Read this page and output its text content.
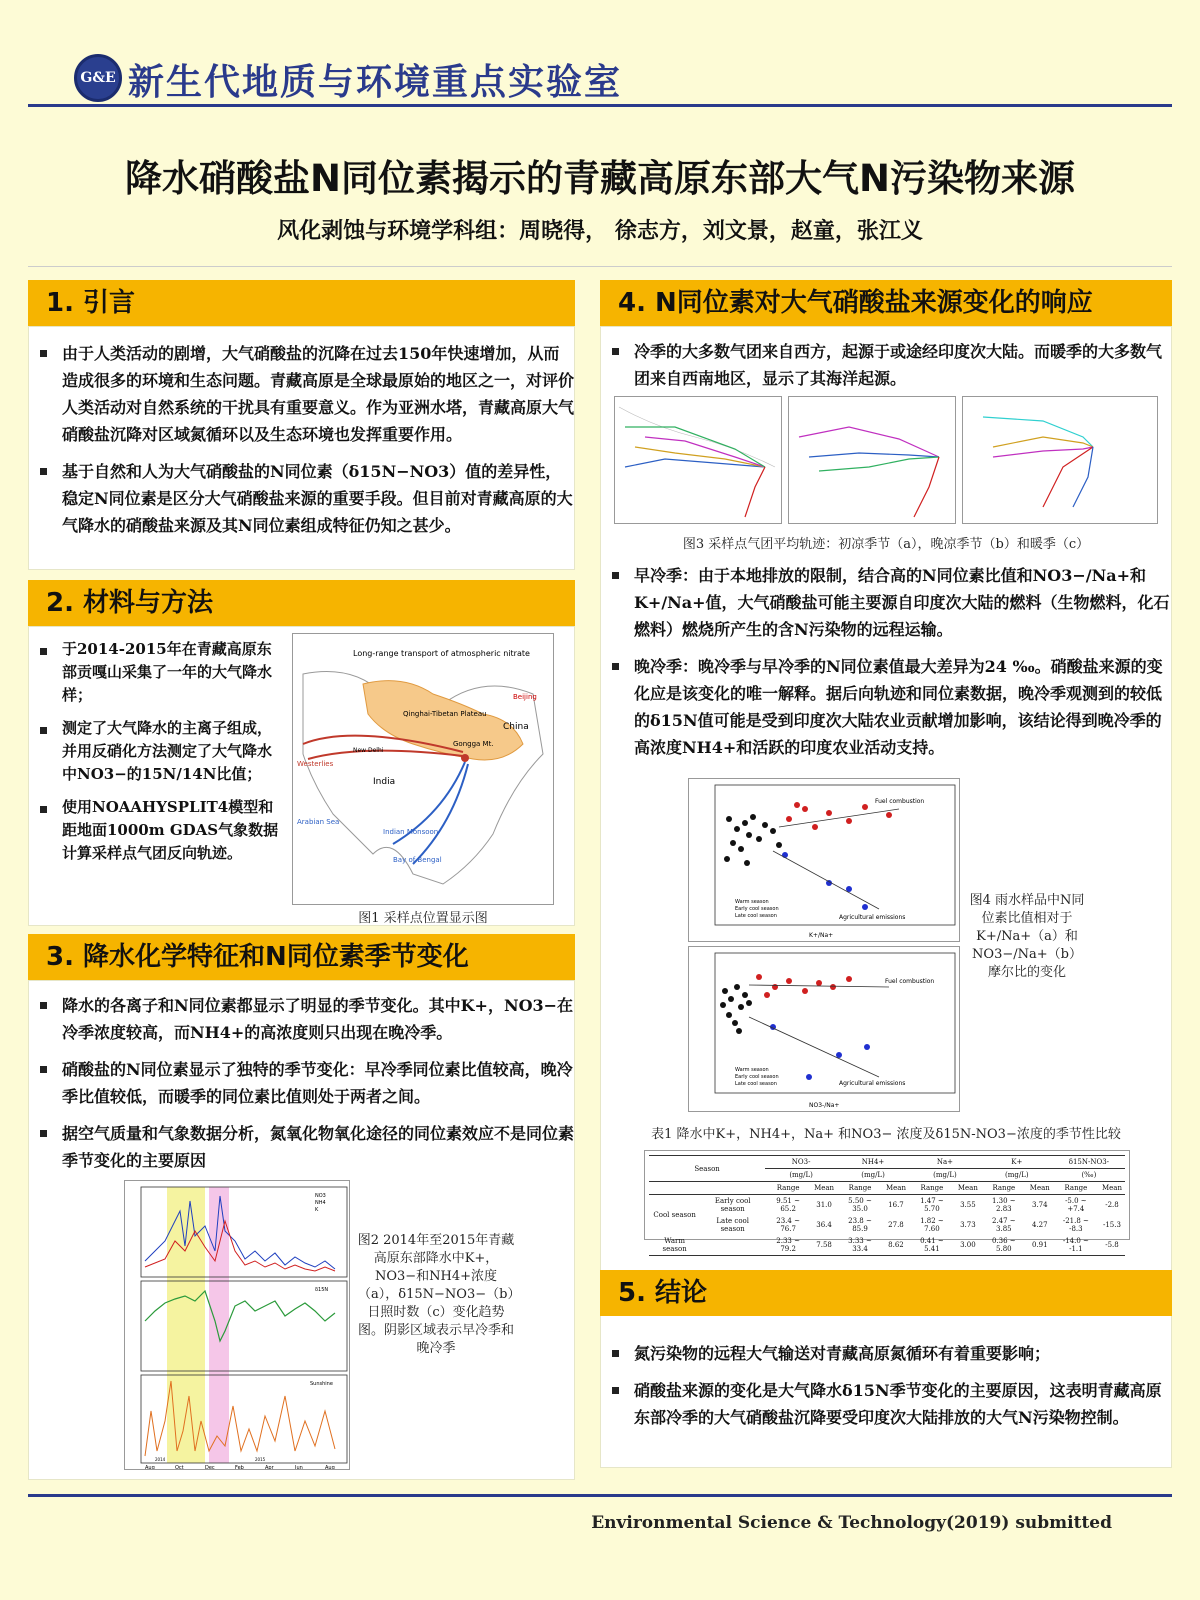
G&E 新生代地质与环境重点实验室
降水硝酸盐N同位素揭示的青藏高原东部大气N污染物来源
风化剥蚀与环境学科组：周晓得， 徐志方，刘文景，赵童，张江义
1. 引言
由于人类活动的剧增，大气硝酸盐的沉降在过去150年快速增加，从而造成很多的环境和生态问题。青藏高原是全球最原始的地区之一，对评价人类活动对自然系统的干扰具有重要意义。作为亚洲水塔，青藏高原大气硝酸盐沉降对区域氮循环以及生态环境也发挥重要作用。
基于自然和人为大气硝酸盐的N同位素（δ15N−NO3）值的差异性，稳定N同位素是区分大气硝酸盐来源的重要手段。但目前对青藏高原的大气降水的硝酸盐来源及其N同位素组成特征仍知之甚少。
2. 材料与方法
于2014-2015年在青藏高原东部贡嘎山采集了一年的大气降水样；
测定了大气降水的主离子组成，并用反硝化方法测定了大气降水中NO3−的15N/14N比值；
使用NOAAHYSPLIT4模型和距地面1000m GDAS气象数据计算采样点气团反向轨迹。
Long-range transport of atmospheric nitrate
Beijing
China
Qinghai-Tibetan Plateau
New Delhi
Gongga Mt.
Westerlies
India
Arabian Sea
Indian Monsoon
Bay of Bengal
图1 采样点位置显示图
3. 降水化学特征和N同位素季节变化
降水的各离子和N同位素都显示了明显的季节变化。其中K+，NO3−在冷季浓度较高，而NH4+的高浓度则只出现在晚冷季。
硝酸盐的N同位素显示了独特的季节变化：早冷季同位素比值较高，晚冷季比值较低，而暖季的同位素比值则处于两者之间。
据空气质量和气象数据分析，氮氧化物氧化途径的同位素效应不是同位素季节变化的主要原因
NO3
NH4
K
δ15N
Sunshine
Aug	Oct	Dec	Feb	Apr	Jun	Aug
2014	2015
图2 2014年至2015年青藏高原东部降水中K+，NO3−和NH4+浓度（a），δ15N−NO3−（b）日照时数（c）变化趋势图。阴影区域表示早冷季和晚冷季
4. N同位素对大气硝酸盐来源变化的响应
冷季的大多数气团来自西方，起源于或途经印度次大陆。而暖季的大多数气团来自西南地区，显示了其海洋起源。
图3 采样点气团平均轨迹：初凉季节（a），晚凉季节（b）和暖季（c）
早冷季：由于本地排放的限制，结合高的N同位素比值和NO3−/Na+和K+/Na+值，大气硝酸盐可能主要源自印度次大陆的燃料（生物燃料，化石燃料）燃烧所产生的含N污染物的远程运输。
晚冷季：晚冷季与早冷季的N同位素值最大差异为24 ‰。硝酸盐来源的变化应是该变化的唯一解释。据后向轨迹和同位素数据，晚冷季观测到的较低的δ15N值可能是受到印度次大陆农业贡献增加影响，该结论得到晚冷季的高浓度NH4+和活跃的印度农业活动支持。
Fuel combustion
Agricultural emissions
Warm season
Early cool season
Late cool season
K+/Na+
Fuel combustion
Agricultural emissions
Warm season
Early cool season
Late cool season
NO3-/Na+
图4 雨水样品中N同位素比值相对于K+/Na+（a）和NO3−/Na+（b）摩尔比的变化
表1 降水中K+，NH4+，Na+ 和NO3− 浓度及δ15N-NO3−浓度的季节性比较
Season		NO3-		NH4+		Na+		K+		δ15N-NO3-	
		(mg/L)		(mg/L)		(mg/L)		(mg/L)		(‰)	
		Range	Mean	Range	Mean	Range	Mean	Range	Mean	Range	Mean
Cool season	Early cool season	9.51 ~ 65.2	31.0	5.50 ~ 35.0	16.7	1.47 ~ 5.70	3.55	1.30 ~ 2.83	3.74	-5.0 ~ +7.4	-2.8
	Late cool season	23.4 ~ 76.7	36.4	23.8 ~ 85.9	27.8	1.82 ~ 7.60	3.73	2.47 ~ 3.85	4.27	-21.8 ~ -8.3	-15.3
Warm season		2.33 ~ 79.2	7.58	3.33 ~ 33.4	8.62	0.41 ~ 5.41	3.00	0.36 ~ 5.80	0.91	-14.0 ~ -1.1	-5.8
5. 结论
氮污染物的远程大气输送对青藏高原氮循环有着重要影响；
硝酸盐来源的变化是大气降水δ15N季节变化的主要原因，这表明青藏高原东部冷季的大气硝酸盐沉降要受印度次大陆排放的大气N污染物控制。
Environmental Science & Technology(2019) submitted
